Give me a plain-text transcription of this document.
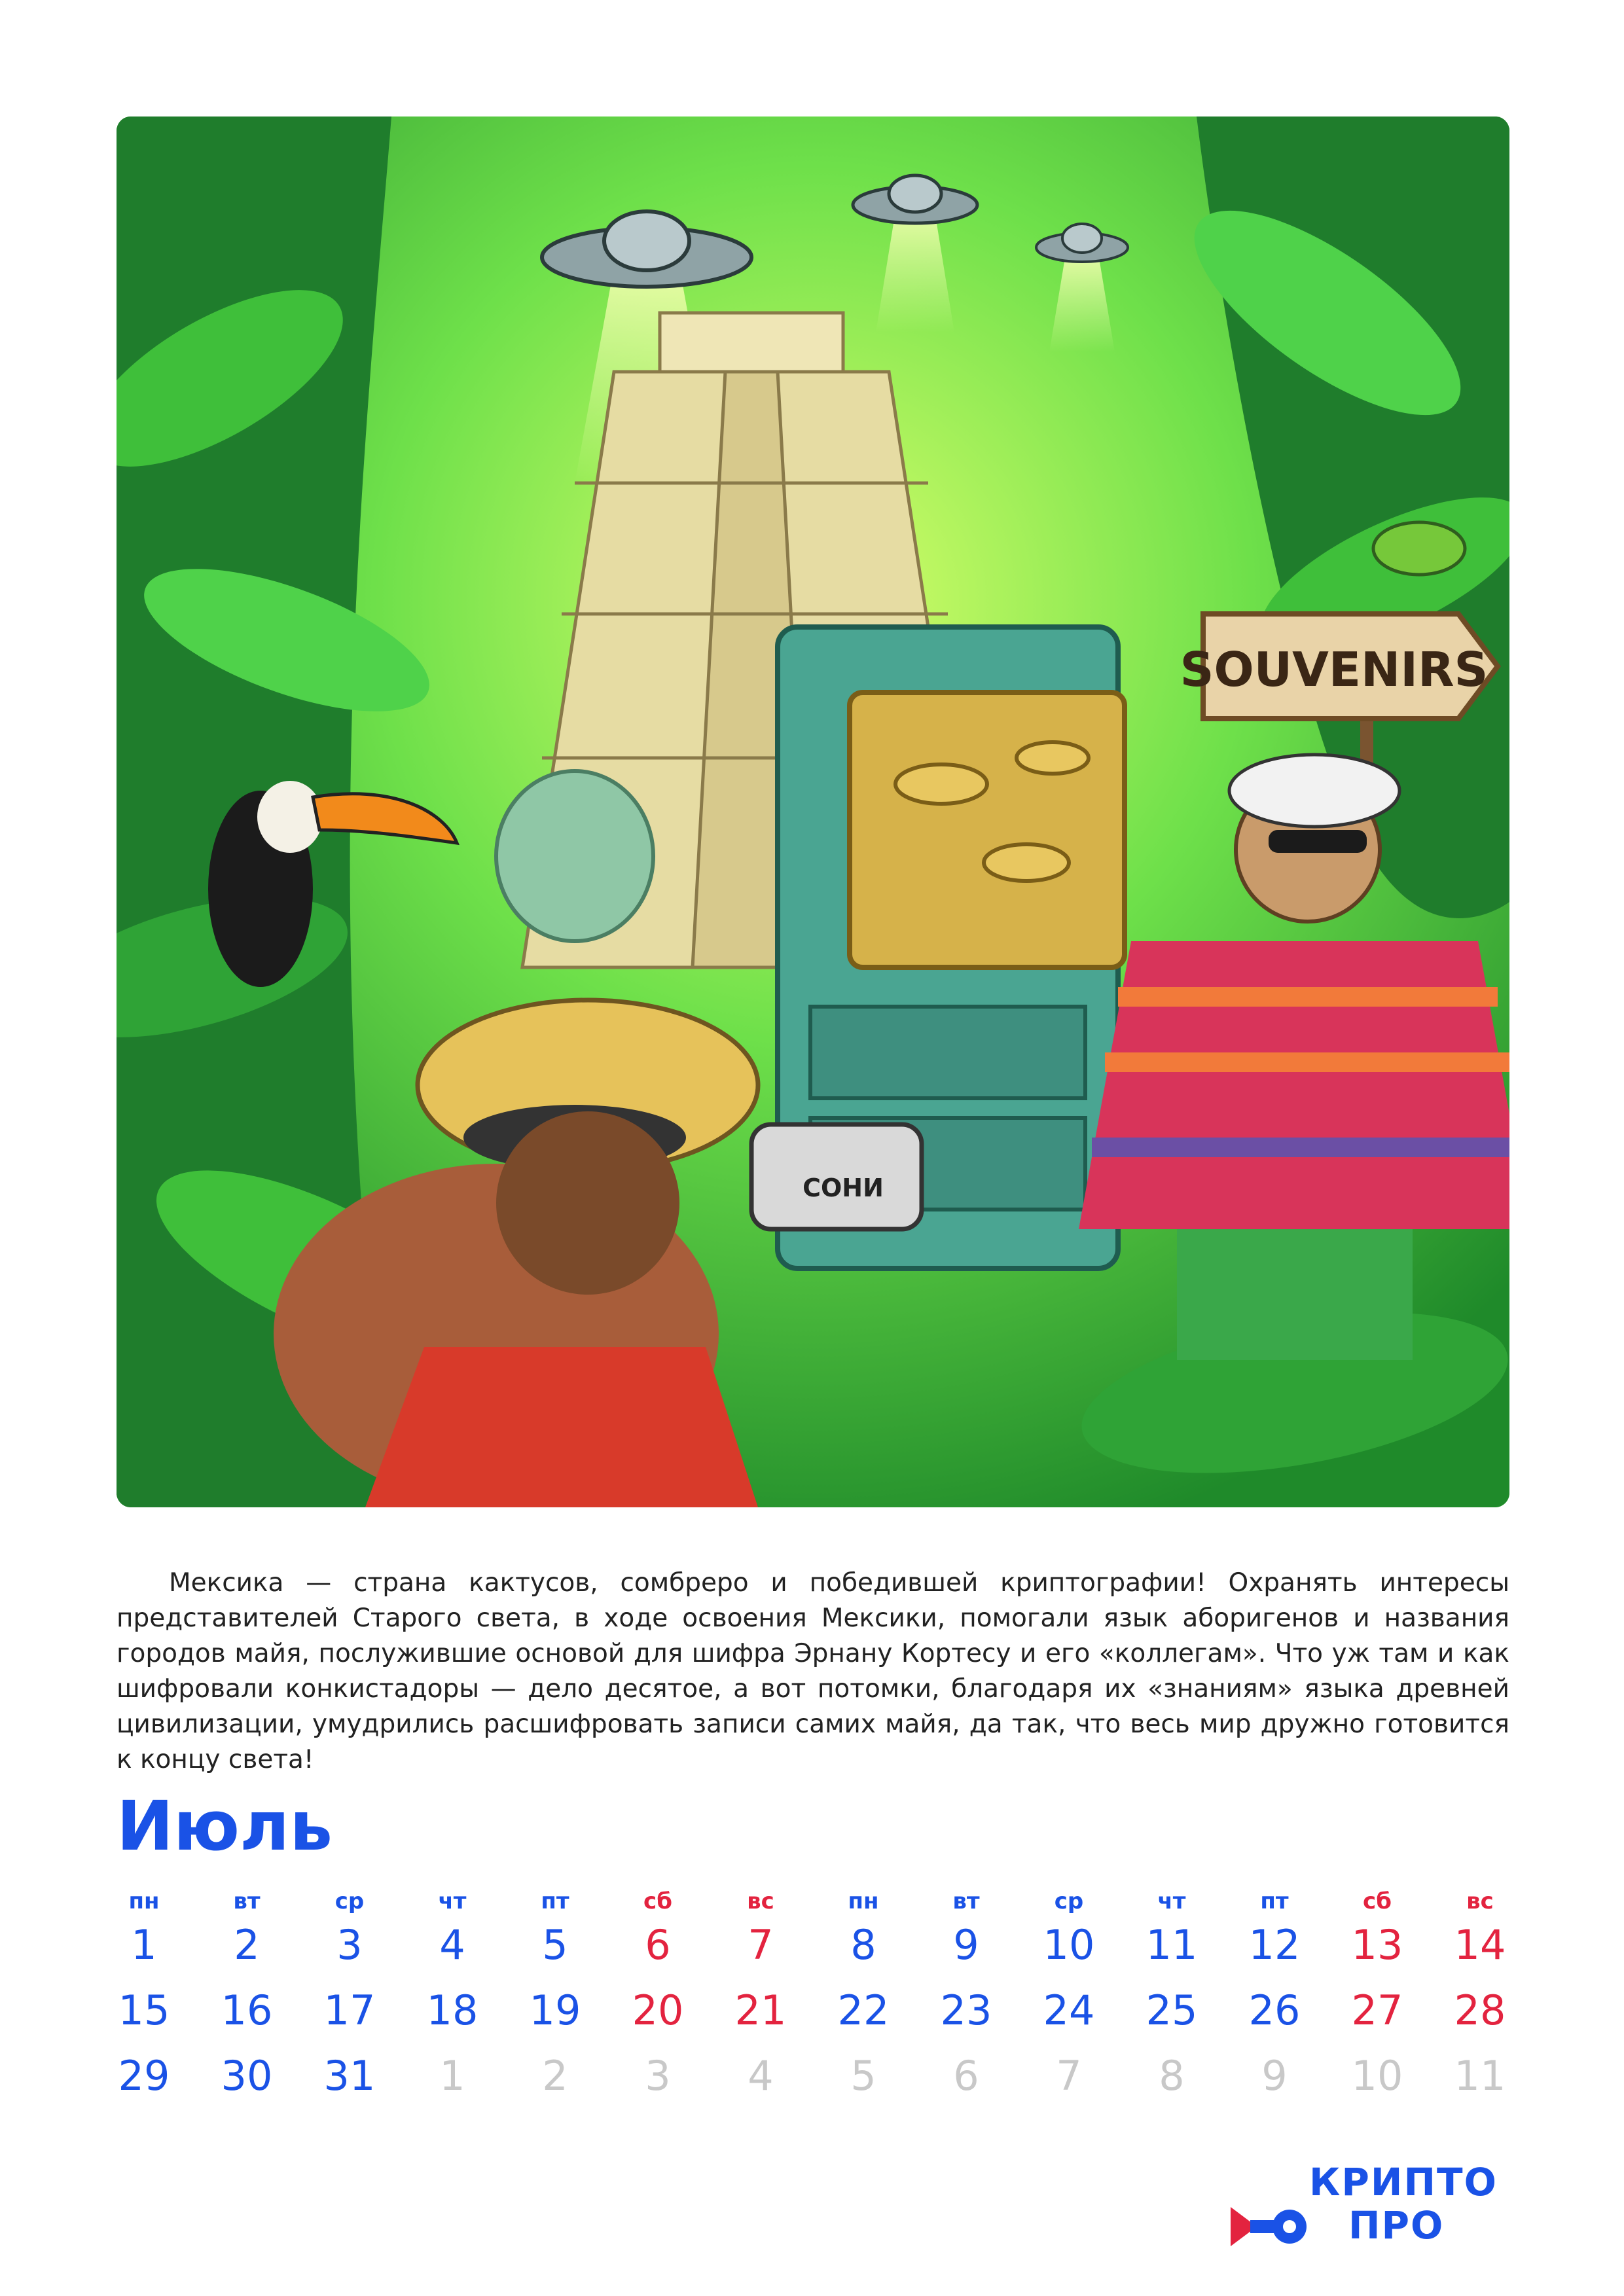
SOUVENIRS
СОНИ

Мексика — страна кактусов, сомбреро и победившей криптографии! Охранять интересы представителей Старого света, в ходе освоения Мексики, помогали язык аборигенов и названия городов майя, послужившие основой для шифра Эрнану Кортесу и его «коллегам». Что уж там и как шифровали конкистадоры — дело десятое, а вот потомки, благодаря их «знаниям» языка древней цивилизации, умудрились расшифровать записи самих майя, да так, что весь мир дружно готовится к концу света!

Июль
пн	вт	ср	чт	пт	сб	вс	пн	вт	ср	чт	пт	сб	вс
1	2	3	4	5	6	7	8	9	10	11	12	13	14
15	16	17	18	19	20	21	22	23	24	25	26	27	28
29	30	31	1	2	3	4	5	6	7	8	9	10	11
КРИПТО
ПРО
